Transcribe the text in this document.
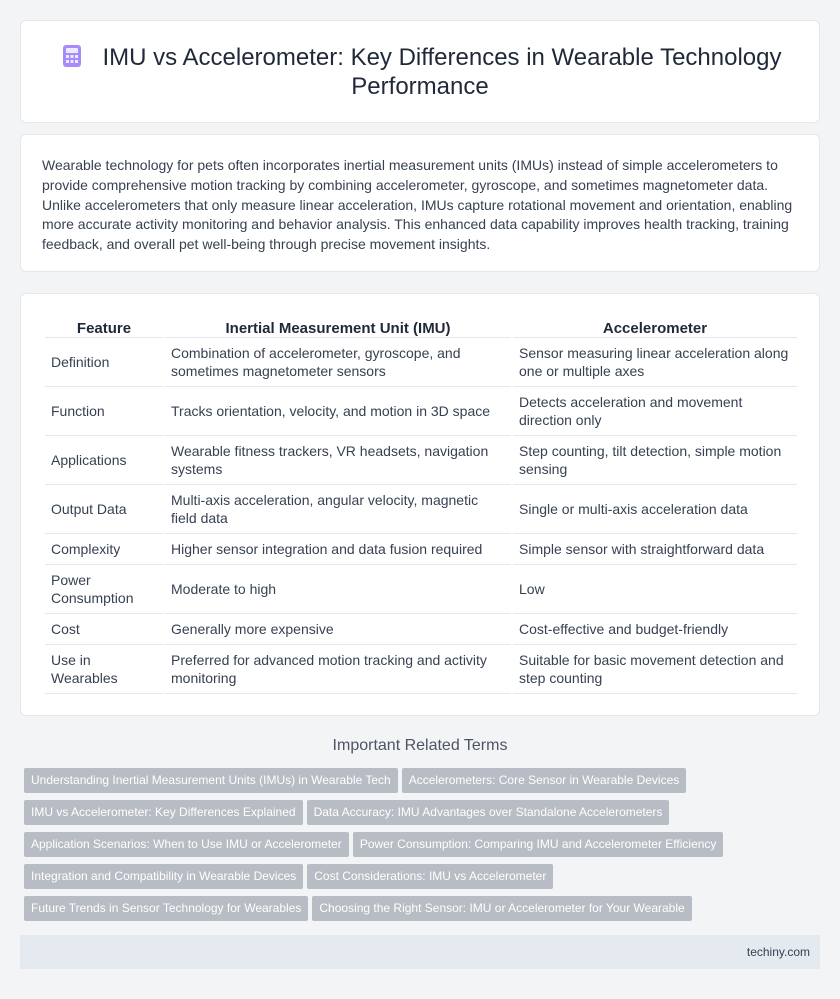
IMU vs Accelerometer: Key Differences in Wearable Technology Performance

Wearable technology for pets often incorporates inertial measurement units (IMUs) instead of simple accelerometers to provide comprehensive motion tracking by combining accelerometer, gyroscope, and sometimes magnetometer data. Unlike accelerometers that only measure linear acceleration, IMUs capture rotational movement and orientation, enabling more accurate activity monitoring and behavior analysis. This enhanced data capability improves health tracking, training feedback, and overall pet well-being through precise movement insights.

Feature	Inertial Measurement Unit (IMU)	Accelerometer
Definition	Combination of accelerometer, gyroscope, and sometimes magnetometer sensors	Sensor measuring linear acceleration along one or multiple axes
Function	Tracks orientation, velocity, and motion in 3D space	Detects acceleration and movement direction only
Applications	Wearable fitness trackers, VR headsets, navigation systems	Step counting, tilt detection, simple motion sensing
Output Data	Multi-axis acceleration, angular velocity, magnetic field data	Single or multi-axis acceleration data
Complexity	Higher sensor integration and data fusion required	Simple sensor with straightforward data
Power Consumption	Moderate to high	Low
Cost	Generally more expensive	Cost-effective and budget-friendly
Use in Wearables	Preferred for advanced motion tracking and activity monitoring	Suitable for basic movement detection and step counting
Important Related Terms
Understanding Inertial Measurement Units (IMUs) in Wearable Tech Accelerometers: Core Sensor in Wearable Devices
IMU vs Accelerometer: Key Differences Explained Data Accuracy: IMU Advantages over Standalone Accelerometers
Application Scenarios: When to Use IMU or Accelerometer Power Consumption: Comparing IMU and Accelerometer Efficiency
Integration and Compatibility in Wearable Devices Cost Considerations: IMU vs Accelerometer
Future Trends in Sensor Technology for Wearables Choosing the Right Sensor: IMU or Accelerometer for Your Wearable
techiny.com
